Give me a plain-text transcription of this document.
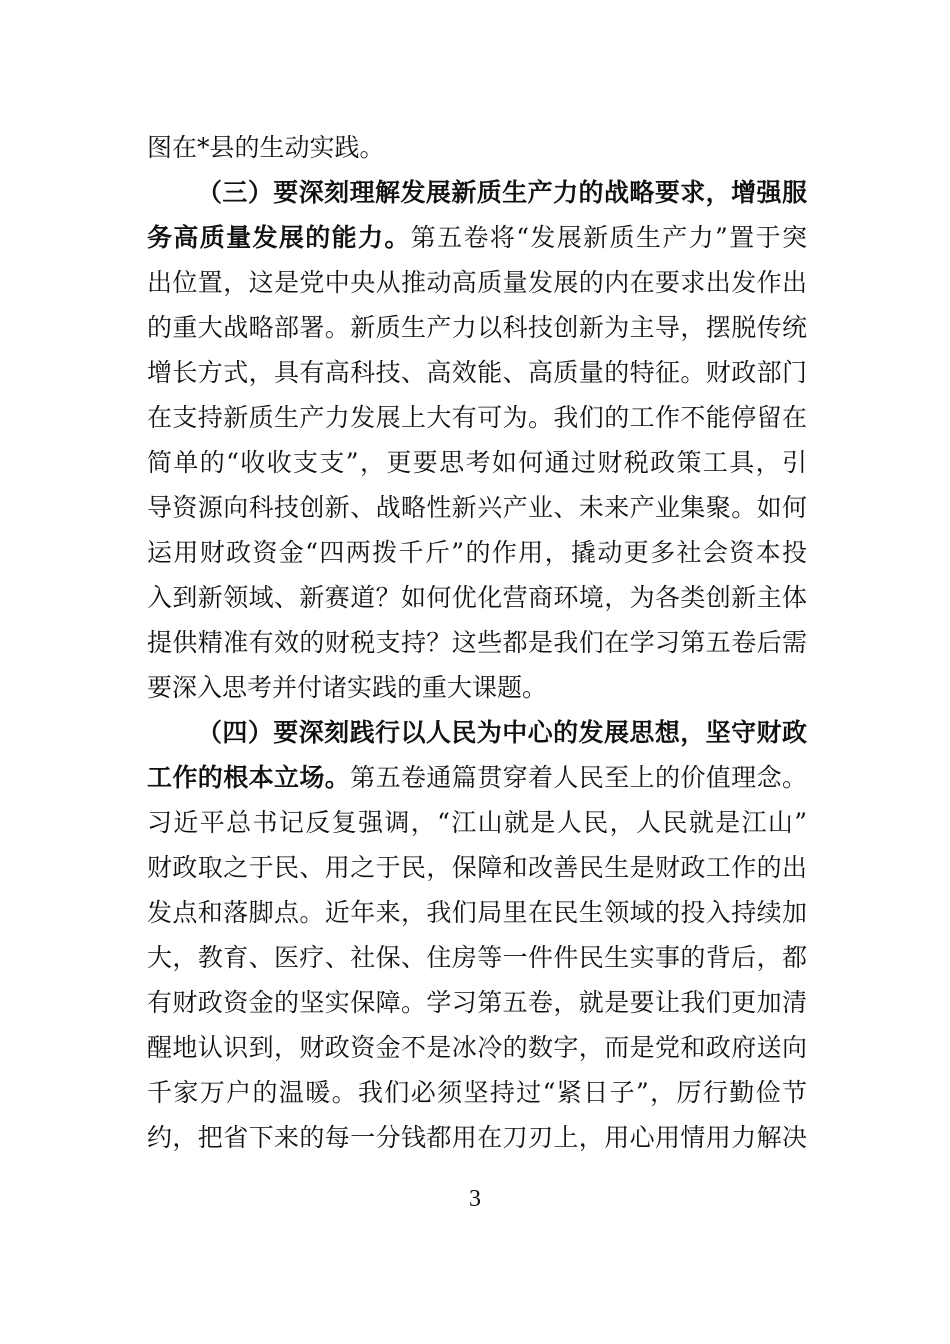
图在*县的生动实践。
（三）要深刻理解发展新质生产力的战略要求，增强服
务高质量发展的能力。第五卷将“发展新质生产力”置于突
出位置，这是党中央从推动高质量发展的内在要求出发作出
的重大战略部署。新质生产力以科技创新为主导，摆脱传统
增长方式，具有高科技、高效能、高质量的特征。财政部门
在支持新质生产力发展上大有可为。我们的工作不能停留在
简单的“收收支支”，更要思考如何通过财税政策工具，引
导资源向科技创新、战略性新兴产业、未来产业集聚。如何
运用财政资金“四两拨千斤”的作用，撬动更多社会资本投
入到新领域、新赛道？如何优化营商环境，为各类创新主体
提供精准有效的财税支持？这些都是我们在学习第五卷后需
要深入思考并付诸实践的重大课题。
（四）要深刻践行以人民为中心的发展思想，坚守财政
工作的根本立场。第五卷通篇贯穿着人民至上的价值理念。
习近平总书记反复强调，“江山就是人民，人民就是江山”
财政取之于民、用之于民，保障和改善民生是财政工作的出
发点和落脚点。近年来，我们局里在民生领域的投入持续加
大，教育、医疗、社保、住房等一件件民生实事的背后，都
有财政资金的坚实保障。学习第五卷，就是要让我们更加清
醒地认识到，财政资金不是冰冷的数字，而是党和政府送向
千家万户的温暖。我们必须坚持过“紧日子”，厉行勤俭节
约，把省下来的每一分钱都用在刀刃上，用心用情用力解决
3
